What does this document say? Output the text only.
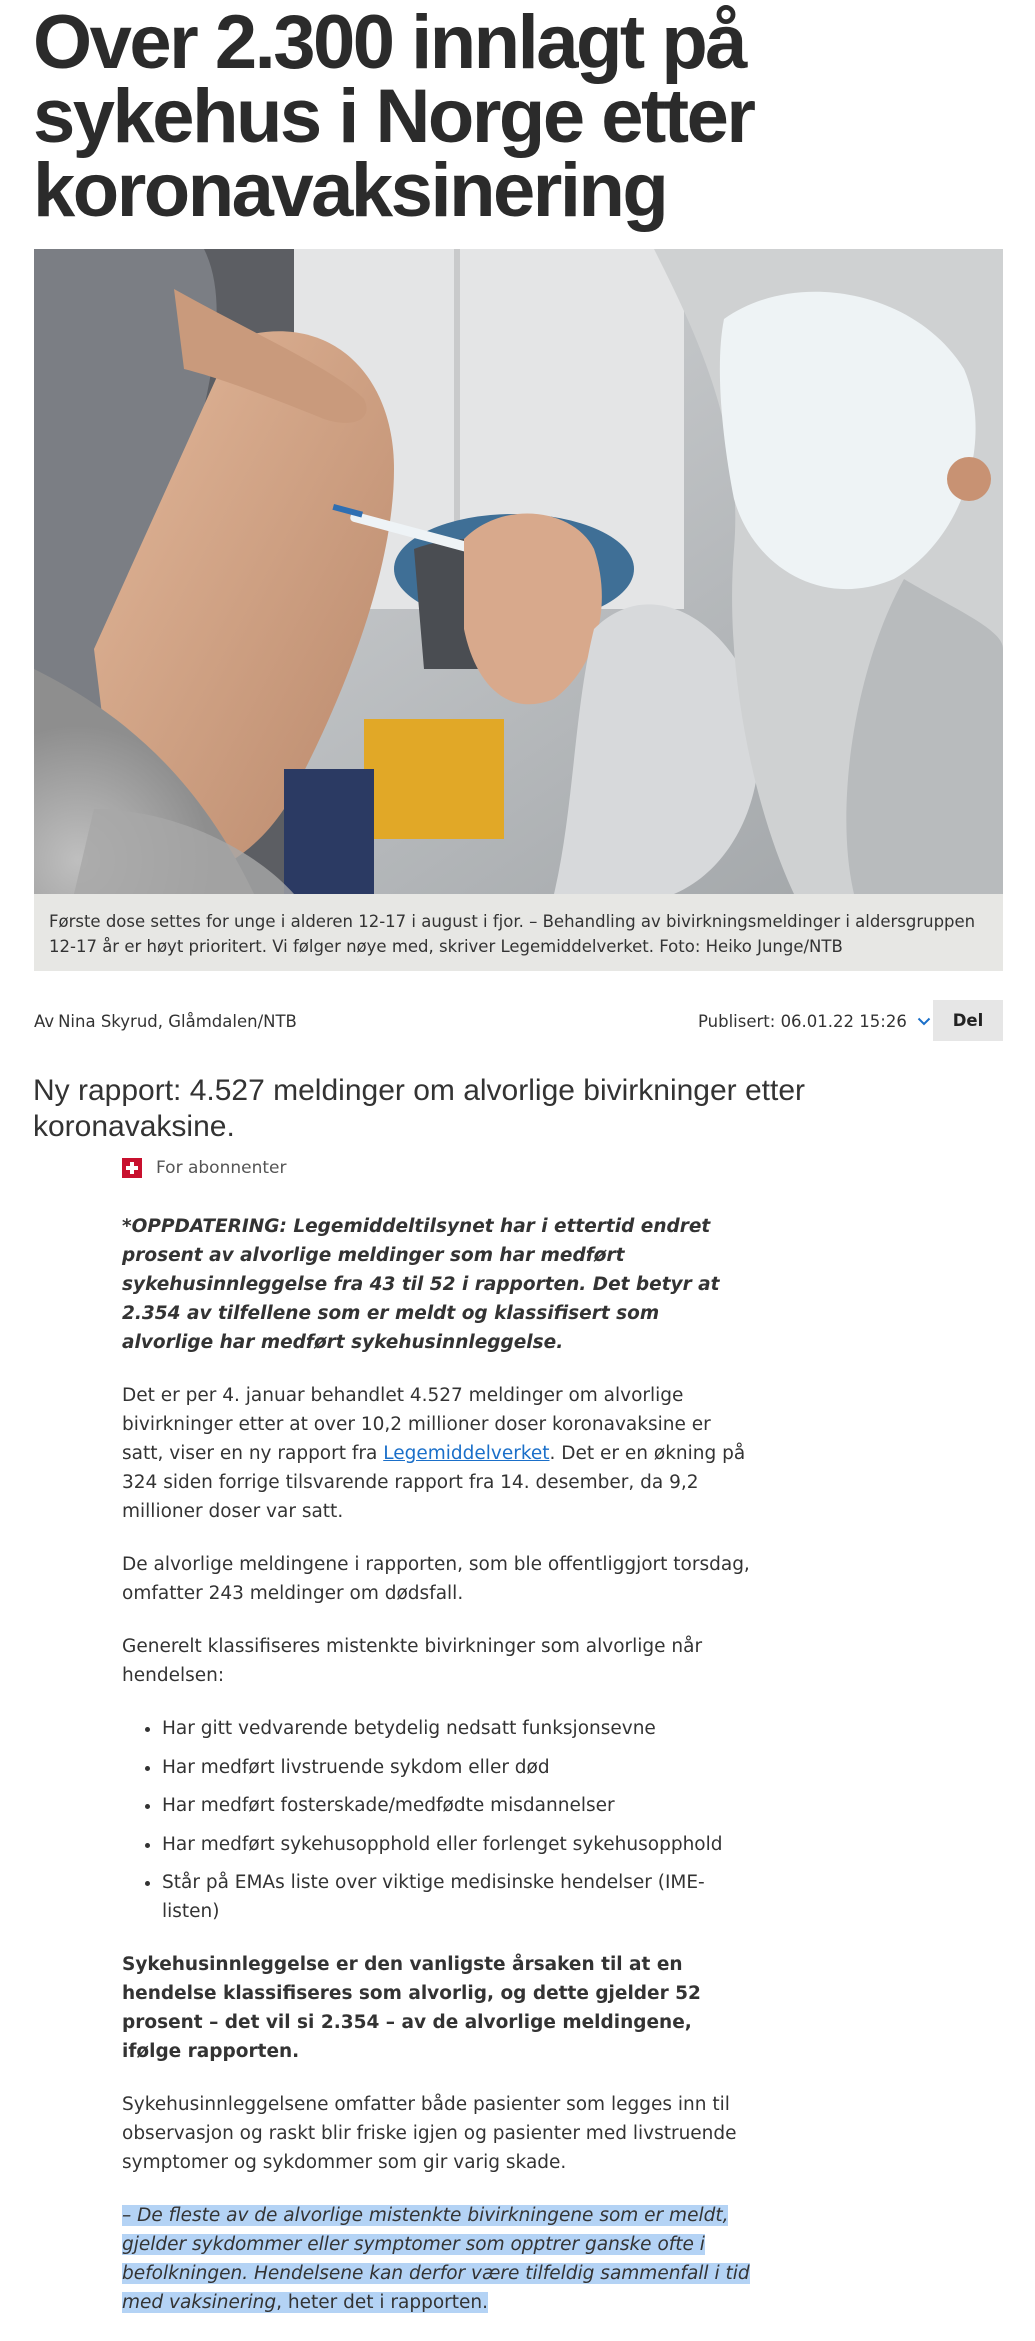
Over 2.300 innlagt på sykehus i Norge etter koronavaksinering
Første dose settes for unge i alderen 12-17 i august i fjor. – Behandling av bivirkningsmeldinger i aldersgruppen 12-17 år er høyt prioritert. Vi følger nøye med, skriver Legemiddelverket. Foto: Heiko Junge/NTB
Av Nina Skyrud, Glåmdalen/NTB	Publisert: 06.01.22 15:26	Del

Ny rapport: 4.527 meldinger om alvorlige bivirkninger etter koronavaksine.

For abonnenter

*OPPDATERING: Legemiddeltilsynet har i ettertid endret prosent av alvorlige meldinger som har medført sykehusinnleggelse fra 43 til 52 i rapporten. Det betyr at 2.354 av tilfellene som er meldt og klassifisert som alvorlige har medført sykehusinnleggelse.

Det er per 4. januar behandlet 4.527 meldinger om alvorlige bivirkninger etter at over 10,2 millioner doser koronavaksine er satt, viser en ny rapport fra Legemiddelverket. Det er en økning på 324 siden forrige tilsvarende rapport fra 14. desember, da 9,2 millioner doser var satt.

De alvorlige meldingene i rapporten, som ble offentliggjort torsdag, omfatter 243 meldinger om dødsfall.

Generelt klassifiseres mistenkte bivirkninger som alvorlige når hendelsen:

• Har gitt vedvarende betydelig nedsatt funksjonsevne
• Har medført livstruende sykdom eller død
• Har medført fosterskade/medfødte misdannelser
• Har medført sykehusopphold eller forlenget sykehusopphold
• Står på EMAs liste over viktige medisinske hendelser (IME-listen)

Sykehusinnleggelse er den vanligste årsaken til at en hendelse klassifiseres som alvorlig, og dette gjelder 52 prosent – det vil si 2.354 – av de alvorlige meldingene, ifølge rapporten.

Sykehusinnleggelsene omfatter både pasienter som legges inn til observasjon og raskt blir friske igjen og pasienter med livstruende symptomer og sykdommer som gir varig skade.

– De fleste av de alvorlige mistenkte bivirkningene som er meldt, gjelder sykdommer eller symptomer som opptrer ganske ofte i befolkningen. Hendelsene kan derfor være tilfeldig sammenfall i tid med vaksinering, heter det i rapporten.
